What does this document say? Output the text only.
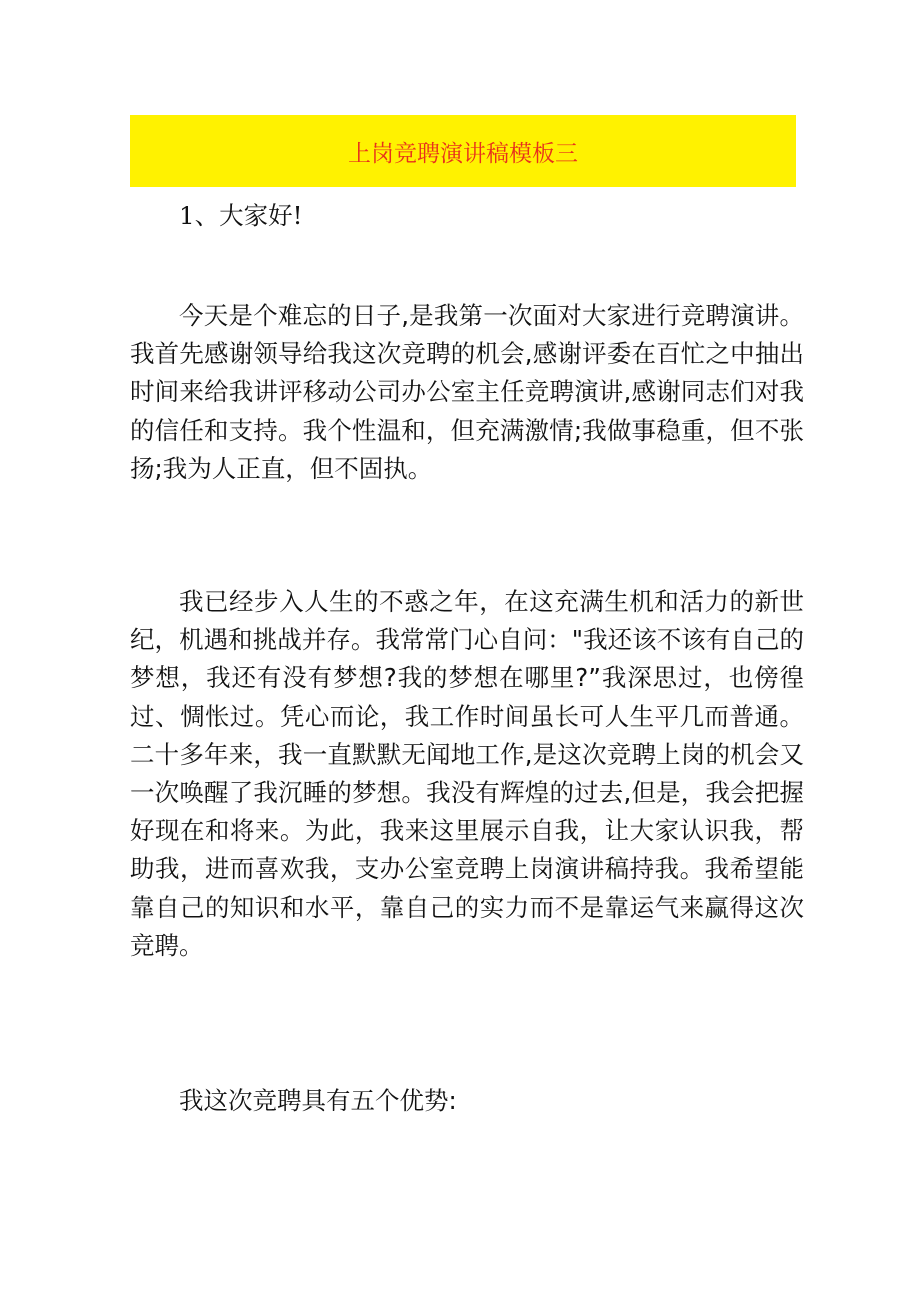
上岗竞聘演讲稿模板三

1、大家好!

今天是个难忘的日子,是我第一次面对大家进行竞聘演讲。我首先感谢领导给我这次竞聘的机会,感谢评委在百忙之中抽出时间来给我讲评移动公司办公室主任竞聘演讲,感谢同志们对我的信任和支持。我个性温和，但充满激情;我做事稳重，但不张扬;我为人正直，但不固执。

我已经步入人生的不惑之年，在这充满生机和活力的新世纪，机遇和挑战并存。我常常门心自问："我还该不该有自己的梦想，我还有没有梦想?我的梦想在哪里?”我深思过，也傍徨过、惆怅过。凭心而论，我工作时间虽长可人生平几而普通。二十多年来，我一直默默无闻地工作,是这次竞聘上岗的机会又一次唤醒了我沉睡的梦想。我没有辉煌的过去,但是，我会把握好现在和将来。为此，我来这里展示自我，让大家认识我，帮助我，进而喜欢我，支办公室竞聘上岗演讲稿持我。我希望能靠自己的知识和水平，靠自己的实力而不是靠运气来赢得这次竞聘。

我这次竞聘具有五个优势:
